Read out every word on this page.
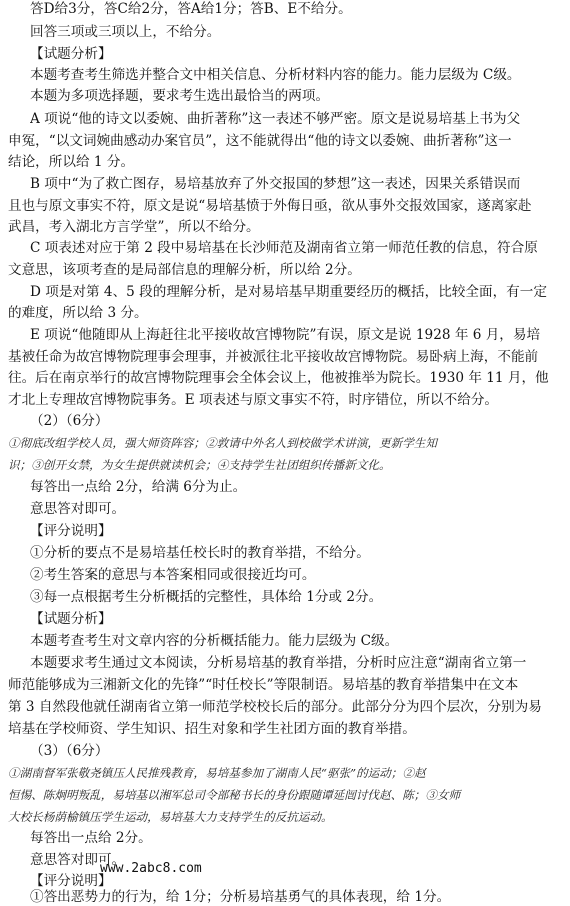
答D给3分，答C给2分，答A给1分；答B、E不给分。
回答三项或三项以上，不给分。
【试题分析】
本题考查考生筛选并整合文中相关信息、分析材料内容的能力。能力层级为 C级。
本题为多项选择题，要求考生选出最恰当的两项。
A 项说“他的诗文以委婉、曲折著称”这一表述不够严密。原文是说易培基上书为父
申冤，“以文词婉曲感动办案官员”，这不能就得出“他的诗文以委婉、曲折著称”这一
结论，所以给 1 分。
B 项中“为了救亡图存，易培基放弃了外交报国的梦想”这一表述，因果关系错误而
且也与原文事实不符，原文是说“易培基愤于外侮日亟，欲从事外交报效国家，遂离家赴
武昌，考入湖北方言学堂”，所以不给分。
C 项表述对应于第 2 段中易培基在长沙师范及湖南省立第一师范任教的信息，符合原
文意思，该项考查的是局部信息的理解分析，所以给 2分。
D 项是对第 4、5 段的理解分析，是对易培基早期重要经历的概括，比较全面，有一定
的难度，所以给 3 分。
E 项说“他随即从上海赶往北平接收故宫博物院”有误，原文是说 1928 年 6 月，易培
基被任命为故宫博物院理事会理事，并被派往北平接收故宫博物院。易卧病上海，不能前
往。后在南京举行的故宫博物院理事会全体会议上，他被推举为院长。1930 年 11 月，他
才北上专理故宫博物院事务。E 项表述与原文事实不符，时序错位，所以不给分。
（2）（6分）
①彻底改组学校人员，强大师资阵容；②敦请中外名人到校做学术讲演，更新学生知
识；③创开女禁，为女生提供就读机会；④支持学生社团组织传播新文化。
每答出一点给 2分，给满 6分为止。
意思答对即可。
【评分说明】
①分析的要点不是易培基任校长时的教育举措，不给分。
②考生答案的意思与本答案相同或很接近均可。
③每一点根据考生分析概括的完整性，具体给 1分或 2分。
【试题分析】
本题考查考生对文章内容的分析概括能力。能力层级为 C级。
本题要求考生通过文本阅读，分析易培基的教育举措，分析时应注意“湖南省立第一
师范能够成为三湘新文化的先锋”“时任校长”等限制语。易培基的教育举措集中在文本
第 3 自然段他就任湖南省立第一师范学校校长后的部分。此部分分为四个层次，分别为易
培基在学校师资、学生知识、招生对象和学生社团方面的教育举措。
（3）（6分）
①湖南督军张敬尧镇压人民推残教育，易培基参加了湖南人民“驱张”的运动；②赵
恒惕、陈炯明叛乱，易培基以湘军总司令部秘书长的身份跟随谭延闿讨伐赵、陈；③女师
大校长杨荫榆镇压学生运动，易培基大力支持学生的反抗运动。
每答出一点给 2分。
意思答对即可。
【评分说明】
①答出恶势力的行为，给 1分；分析易培基勇气的具体表现，给 1分。
www.2abc8.com
